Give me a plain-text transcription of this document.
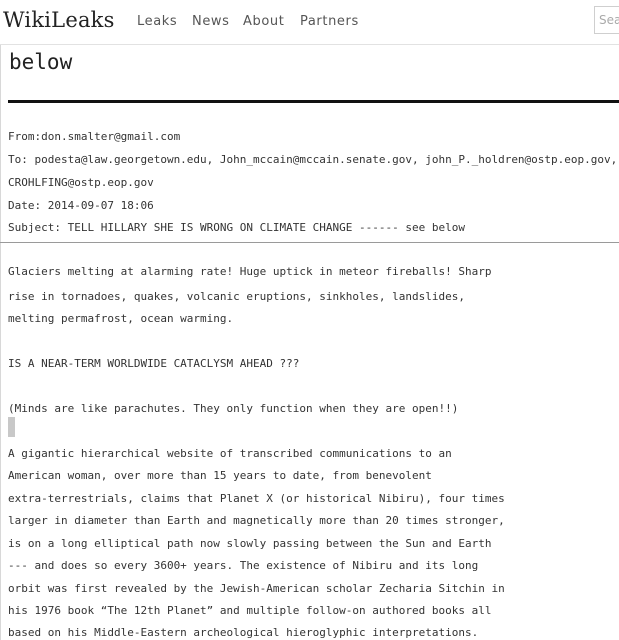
WikiLeaks Leaks News About Partners
Search
below
From:don.smalter@gmail.com
To: podesta@law.georgetown.edu, John_mccain@mccain.senate.gov, john_P._holdren@ostp.eop.gov,
CROHLFING@ostp.eop.gov
Date: 2014-09-07 18:06
Subject: TELL HILLARY SHE IS WRONG ON CLIMATE CHANGE ------ see below
Glaciers melting at alarming rate! Huge uptick in meteor fireballs! Sharp
rise in tornadoes, quakes, volcanic eruptions, sinkholes, landslides,
melting permafrost, ocean warming.
IS A NEAR-TERM WORLDWIDE CATACLYSM AHEAD ???
(Minds are like parachutes. They only function when they are open!!)
A gigantic hierarchical website of transcribed communications to an
American woman, over more than 15 years to date, from benevolent
extra-terrestrials, claims that Planet X (or historical Nibiru), four times
larger in diameter than Earth and magnetically more than 20 times stronger,
is on a long elliptical path now slowly passing between the Sun and Earth
--- and does so every 3600+ years. The existence of Nibiru and its long
orbit was first revealed by the Jewish-American scholar Zecharia Sitchin in
his 1976 book “The 12th Planet” and multiple follow-on authored books all
based on his Middle-Eastern archeological hieroglyphic interpretations.
